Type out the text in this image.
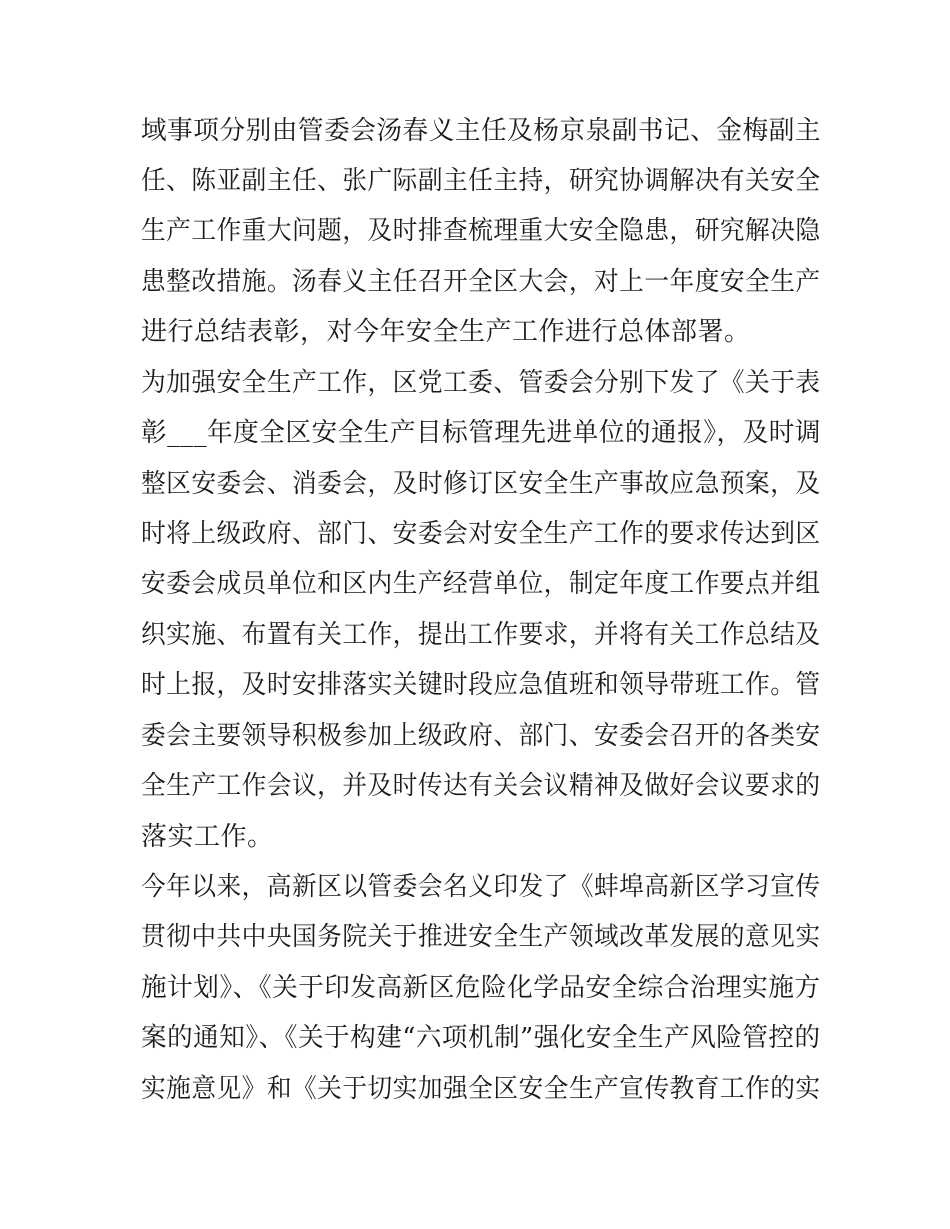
域事项分别由管委会汤春义主任及杨京泉副书记、金梅副主
任、陈亚副主任、张广际副主任主持，研究协调解决有关安全
生产工作重大问题，及时排查梳理重大安全隐患，研究解决隐
患整改措施。汤春义主任召开全区大会，对上一年度安全生产
进行总结表彰，对今年安全生产工作进行总体部署。
为加强安全生产工作，区党工委、管委会分别下发了《关于表
彰___年度全区安全生产目标管理先进单位的通报》，及时调
整区安委会、消委会，及时修订区安全生产事故应急预案，及
时将上级政府、部门、安委会对安全生产工作的要求传达到区
安委会成员单位和区内生产经营单位，制定年度工作要点并组
织实施、布置有关工作，提出工作要求，并将有关工作总结及
时上报，及时安排落实关键时段应急值班和领导带班工作。管
委会主要领导积极参加上级政府、部门、安委会召开的各类安
全生产工作会议，并及时传达有关会议精神及做好会议要求的
落实工作。
今年以来，高新区以管委会名义印发了《蚌埠高新区学习宣传
贯彻中共中央国务院关于推进安全生产领域改革发展的意见实
施计划》、《关于印发高新区危险化学品安全综合治理实施方
案的通知》、《关于构建“六项机制”强化安全生产风险管控的
实施意见》和《关于切实加强全区安全生产宣传教育工作的实
